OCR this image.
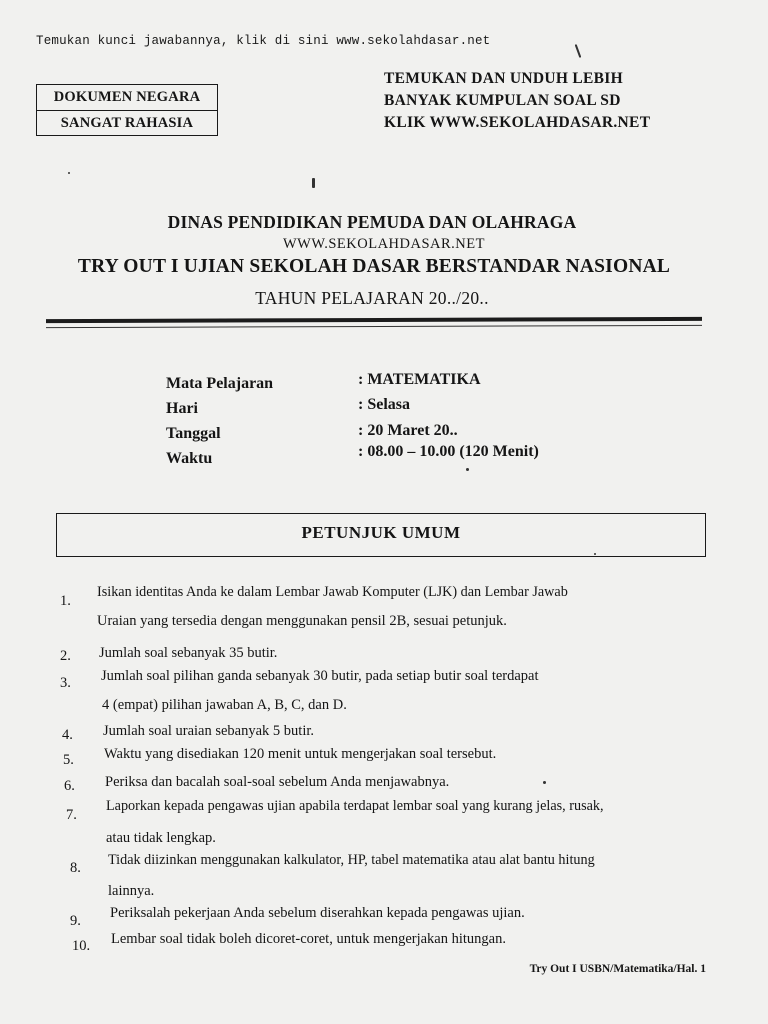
Temukan kunci jawabannya, klik di sini www.sekolahdasar.net
DOKUMEN NEGARA
SANGAT RAHASIA
TEMUKAN DAN UNDUH LEBIH
BANYAK KUMPULAN SOAL SD
KLIK WWW.SEKOLAHDASAR.NET
DINAS PENDIDIKAN PEMUDA DAN OLAHRAGA
WWW.SEKOLAHDASAR.NET
TRY OUT I UJIAN SEKOLAH DASAR BERSTANDAR NASIONAL
TAHUN PELAJARAN 20../20..
Mata Pelajaran	: MATEMATIKA
Hari	: Selasa
Tanggal	: 20 Maret 20..
Waktu	: 08.00 – 10.00 (120 Menit)
PETUNJUK UMUM
1.
Isikan identitas Anda ke dalam Lembar Jawab Komputer (LJK) dan Lembar Jawab
Uraian yang tersedia dengan menggunakan pensil 2B, sesuai petunjuk.
2.	Jumlah soal sebanyak 35 butir.
3.	Jumlah soal pilihan ganda sebanyak 30 butir, pada setiap butir soal terdapat
4 (empat) pilihan jawaban A, B, C, dan D.
4.	Jumlah soal uraian sebanyak 5 butir.
5.	Waktu yang disediakan 120 menit untuk mengerjakan soal tersebut.
6.	Periksa dan bacalah soal-soal sebelum Anda menjawabnya.
7.
Laporkan kepada pengawas ujian apabila terdapat lembar soal yang kurang jelas, rusak,
atau tidak lengkap.
8.	Tidak diizinkan menggunakan kalkulator, HP, tabel matematika atau alat bantu hitung
lainnya.
9.	Periksalah pekerjaan Anda sebelum diserahkan kepada pengawas ujian.
10. Lembar soal tidak boleh dicoret-coret, untuk mengerjakan hitungan.
Try Out I USBN/Matematika/Hal. 1
